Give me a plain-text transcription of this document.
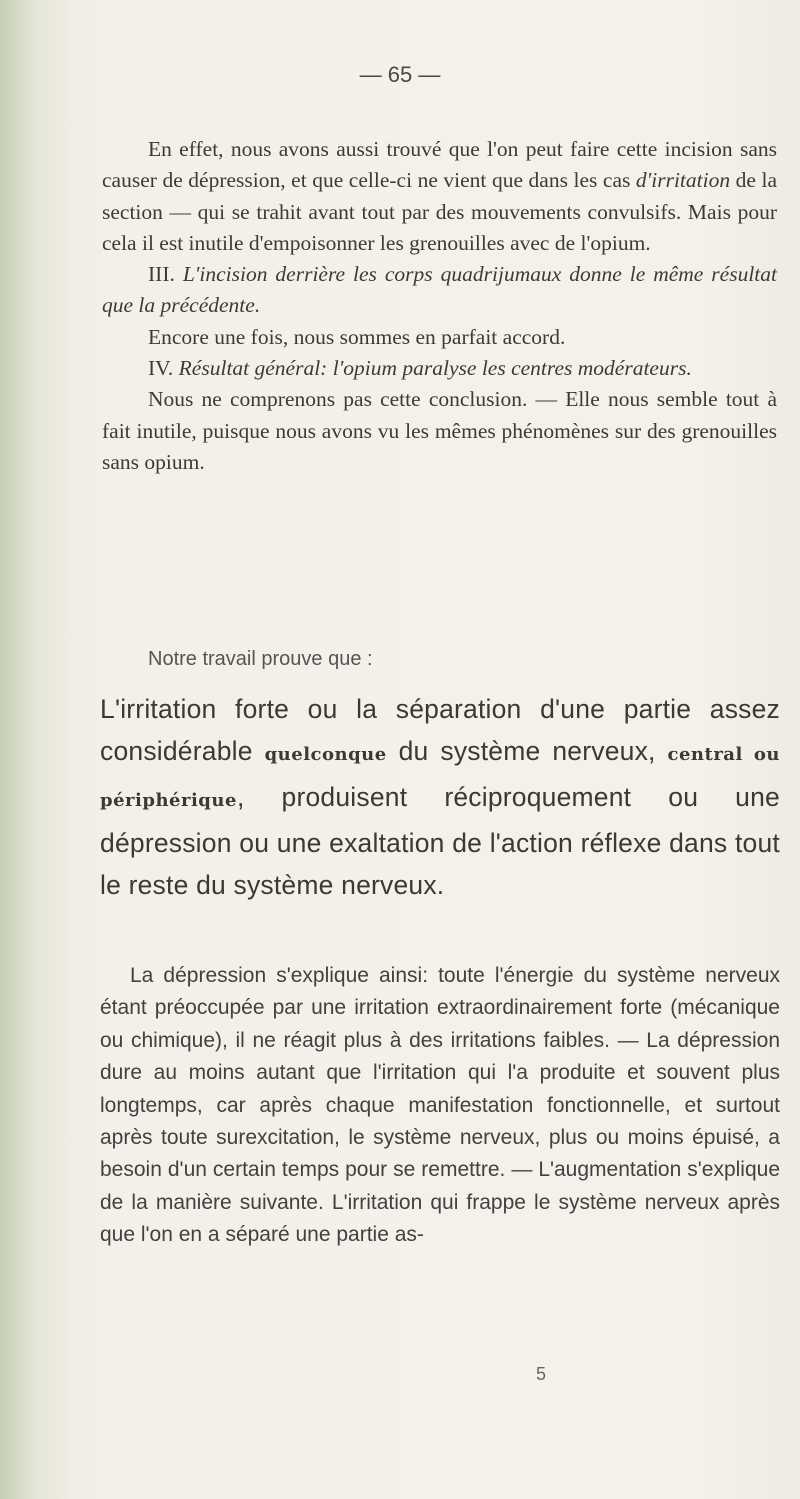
— 65 —

En effet, nous avons aussi trouvé que l'on peut faire cette incision sans causer de dépression, et que celle-ci ne vient que dans les cas d'irritation de la section — qui se trahit avant tout par des mouvements convulsifs. Mais pour cela il est inutile d'empoisonner les grenouilles avec de l'opium.

III. L'incision derrière les corps quadrijumaux donne le même résultat que la précédente.

Encore une fois, nous sommes en parfait accord.

IV. Résultat général: l'opium paralyse les centres modérateurs.

Nous ne comprenons pas cette conclusion. — Elle nous semble tout à fait inutile, puisque nous avons vu les mêmes phénomènes sur des grenouilles sans opium.

Notre travail prouve que :
L'irritation forte ou la séparation d'une partie assez considérable quelconque du système nerveux, central ou périphérique, produisent réciproquement ou une dépression ou une exaltation de l'action réflexe dans tout le reste du système nerveux.

La dépression s'explique ainsi: toute l'énergie du système nerveux étant préoccupée par une irritation extraordinairement forte (mécanique ou chimique), il ne réagit plus à des irritations faibles. — La dépression dure au moins autant que l'irritation qui l'a produite et souvent plus longtemps, car après chaque manifestation fonctionnelle, et surtout après toute surexcitation, le système nerveux, plus ou moins épuisé, a besoin d'un certain temps pour se remettre. — L'augmentation s'explique de la manière suivante. L'irritation qui frappe le système nerveux après que l'on en a séparé une partie as-

5
